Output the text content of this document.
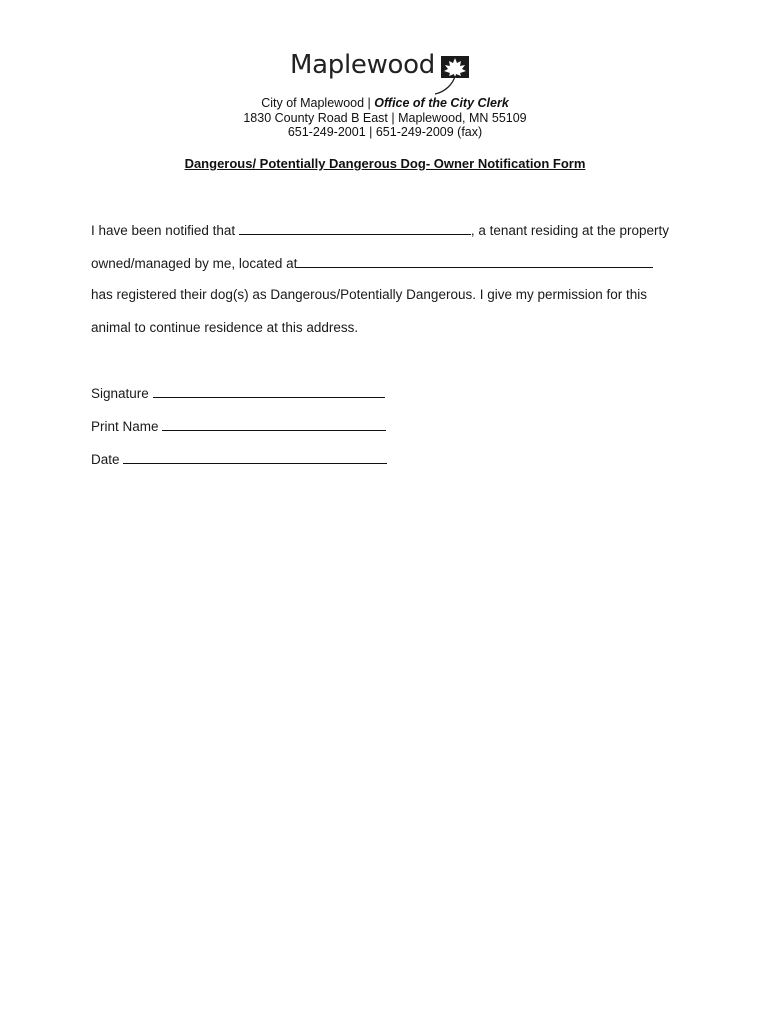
Maplewood
City of Maplewood | Office of the City Clerk
1830 County Road B East | Maplewood, MN 55109
651-249-2001 | 651-249-2009 (fax)
Dangerous/ Potentially Dangerous Dog- Owner Notification Form
I have been notified that	, a tenant residing at the property
owned/managed by me, located at
has registered their dog(s) as Dangerous/Potentially Dangerous. I give my permission for this
animal to continue residence at this address.
Signature
Print Name
Date
